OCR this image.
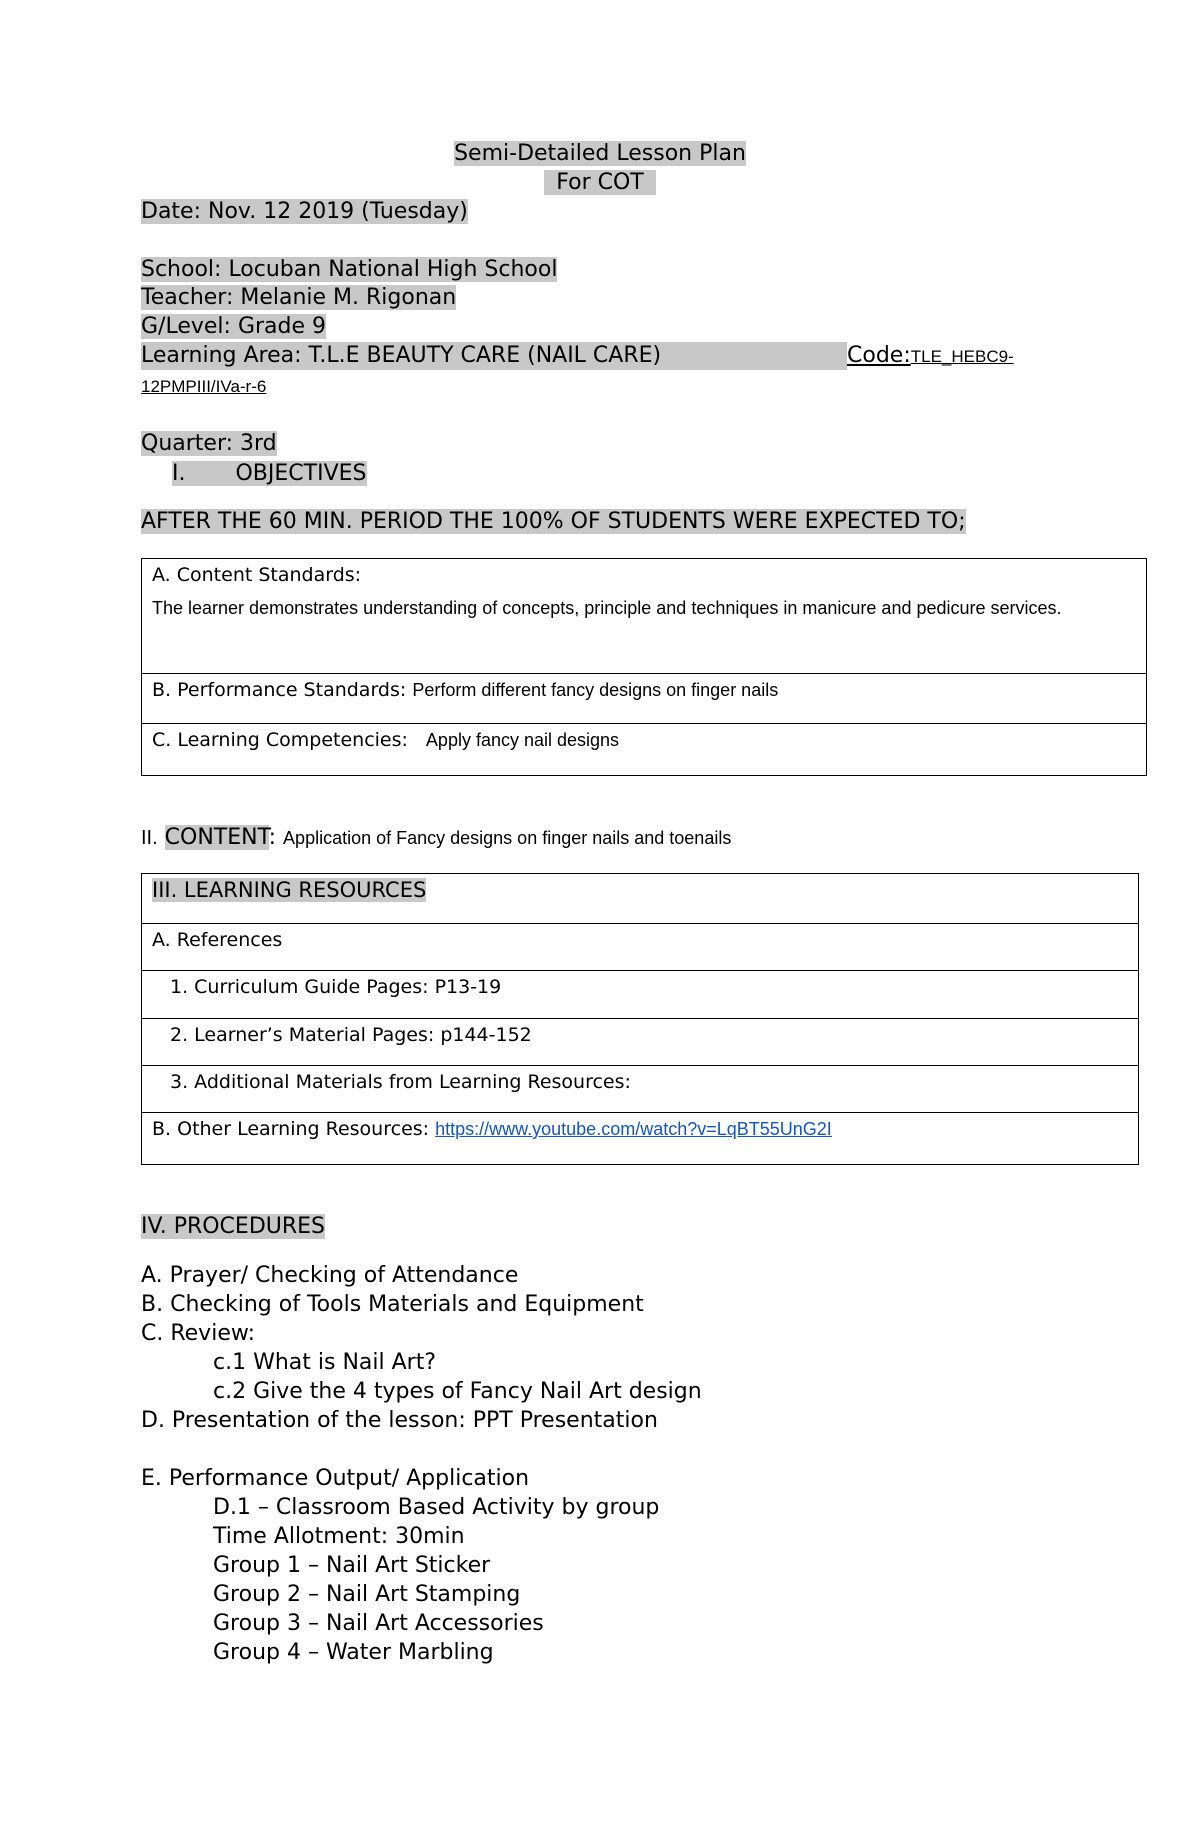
Semi-Detailed Lesson Plan
For COT
Date: Nov. 12 2019 (Tuesday)
School: Locuban National High School
Teacher: Melanie M. Rigonan
G/Level: Grade 9
Learning Area: T.L.E BEAUTY CARE (NAIL CARE)	Code:TLE_HEBC9-
12PMPIII/IVa-r-6
Quarter: 3rd
I. OBJECTIVES
AFTER THE 60 MIN. PERIOD THE 100% OF STUDENTS WERE EXPECTED TO;
A. Content Standards:
The learner demonstrates understanding of concepts, principle and techniques in manicure and pedicure services.

B. Performance Standards: Perform different fancy designs on finger nails
C. Learning Competencies: Apply fancy nail designs
II. CONTENT: Application of Fancy designs on finger nails and toenails
III. LEARNING RESOURCES
A. References
1. Curriculum Guide Pages: P13-19
2. Learner’s Material Pages: p144-152
3. Additional Materials from Learning Resources:
B. Other Learning Resources: https://www.youtube.com/watch?v=LqBT55UnG2I
IV. PROCEDURES
A. Prayer/ Checking of Attendance
B. Checking of Tools Materials and Equipment
C. Review:
c.1 What is Nail Art?
c.2 Give the 4 types of Fancy Nail Art design
D. Presentation of the lesson: PPT Presentation
E. Performance Output/ Application
D.1 – Classroom Based Activity by group
Time Allotment: 30min
Group 1 – Nail Art Sticker
Group 2 – Nail Art Stamping
Group 3 – Nail Art Accessories
Group 4 – Water Marbling
